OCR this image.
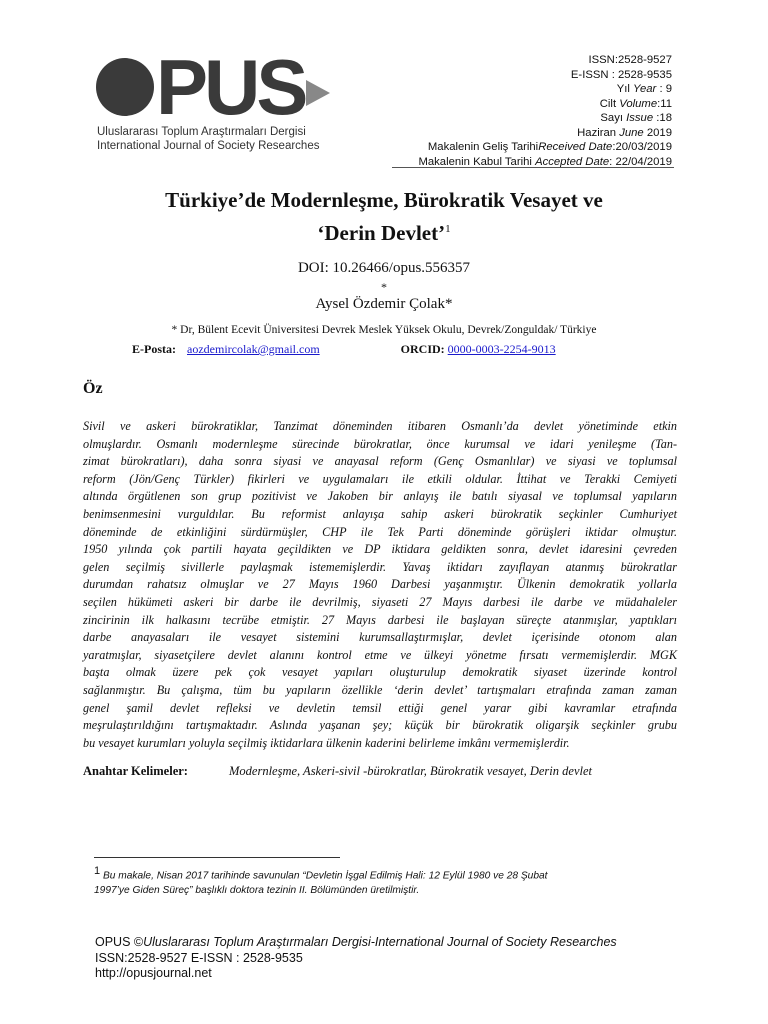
PUS
Uluslararası Toplum Araştırmaları Dergisi
International Journal of Society Researches
ISSN:2528-9527
E-ISSN : 2528-9535
Yıl Year : 9
Cilt Volume:11
Sayı Issue :18
Haziran June 2019
Makalenin Geliş TarihiReceived Date:20/03/2019
Makalenin Kabul Tarihi Accepted Date: 22/04/2019
Türkiye’de Modernleşme, Bürokratik Vesayet ve
‘Derin Devlet’$^1$
DOI: 10.26466/opus.556357
*
Aysel Özdemir Çolak*
* Dr, Bülent Ecevit Üniversitesi Devrek Meslek Yüksek Okulu, Devrek/Zonguldak/ Türkiye
E-Posta: aozdemircolak@gmail.com	ORCID: 0000-0003-2254-9013
Öz
Sivil ve askeri bürokratiklar, Tanzimat döneminden itibaren Osmanlı’da devlet yönetiminde etkin
olmuşlardır. Osmanlı modernleşme sürecinde bürokratlar, önce kurumsal ve idari yenileşme (Tan-
zimat bürokratları), daha sonra siyasi ve anayasal reform (Genç Osmanlılar) ve siyasi ve toplumsal
reform (Jön/Genç Türkler) fikirleri ve uygulamaları ile etkili oldular. İttihat ve Terakki Cemiyeti
altında örgütlenen son grup pozitivist ve Jakoben bir anlayış ile batılı siyasal ve toplumsal yapıların
benimsenmesini vurguldılar. Bu reformist anlayışa sahip askeri bürokratik seçkinler Cumhuriyet
döneminde de etkinliğini sürdürmüşler, CHP ile Tek Parti döneminde görüşleri iktidar olmuştur.
1950 yılında çok partili hayata geçildikten ve DP iktidara geldikten sonra, devlet idaresini çevreden
gelen seçilmiş sivillerle paylaşmak istememişlerdir. Yavaş iktidarı zayıflayan atanmış bürokratlar
durumdan rahatsız olmuşlar ve 27 Mayıs 1960 Darbesi yaşanmıştır. Ülkenin demokratik yollarla
seçilen hükümeti askeri bir darbe ile devrilmiş, siyaseti 27 Mayıs darbesi ile darbe ve müdahaleler
zincirinin ilk halkasını tecrübe etmiştir. 27 Mayıs darbesi ile başlayan süreçte atanmışlar, yaptıkları
darbe anayasaları ile vesayet sistemini kurumsallaştırmışlar, devlet içerisinde otonom alan
yaratmışlar, siyasetçilere devlet alanını kontrol etme ve ülkeyi yönetme fırsatı vermemişlerdir. MGK
başta olmak üzere pek çok vesayet yapıları oluşturulup demokratik siyaset üzerinde kontrol
sağlanmıştır. Bu çalışma, tüm bu yapıların özellikle ‘derin devlet’ tartışmaları etrafında zaman zaman
genel şamil devlet refleksi ve devletin temsil ettiği genel yarar gibi kavramlar etrafında
meşrulaştırıldığını tartışmaktadır. Aslında yaşanan şey; küçük bir bürokratik oligarşik seçkinler grubu
bu vesayet kurumları yoluyla seçilmiş iktidarlara ülkenin kaderini belirleme imkânı vermemişlerdir.
Anahtar Kelimeler:	Modernleşme, Askeri-sivil -bürokratlar, Bürokratik vesayet, Derin devlet
$^1$ Bu makale, Nisan 2017 tarihinde savunulan “Devletin İşgal Edilmiş Hali: 12 Eylül 1980 ve 28 Şubat
1997’ye Giden Süreç” başlıklı doktora tezinin II. Bölümünden üretilmiştir.
OPUS ©Uluslararası Toplum Araştırmaları Dergisi-International Journal of Society Researches
ISSN:2528-9527 E-ISSN : 2528-9535
http://opusjournal.net
